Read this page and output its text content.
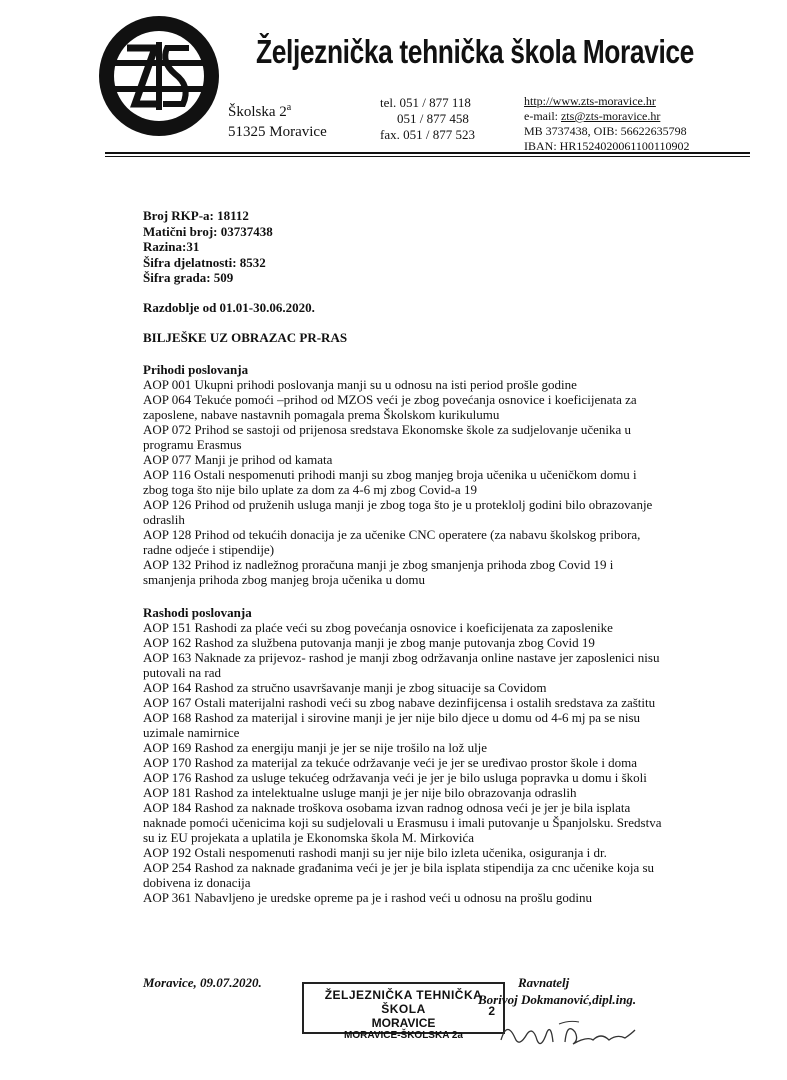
Željeznička tehnička škola Moravice
Školska 2$^a$
51325 Moravice
tel. 051 / 877 118
051 / 877 458
fax. 051 / 877 523
http://www.zts-moravice.hr
e-mail: zts@zts-moravice.hr
MB 3737438, OIB: 56622635798
IBAN: HR1524020061100110902
Broj RKP-a: 18112
Matični broj: 03737438
Razina:31
Šifra djelatnosti: 8532
Šifra grada: 509
Razdoblje od 01.01-30.06.2020.
BILJEŠKE UZ OBRAZAC PR-RAS
Prihodi poslovanja
AOP 001 Ukupni prihodi poslovanja manji su u odnosu na isti period prošle godine
AOP 064 Tekuće pomoći –prihod od MZOS veći je zbog povećanja osnovice i koeficijenata za zaposlene, nabave nastavnih pomagala prema Školskom kurikulumu
AOP 072 Prihod se sastoji od prijenosa sredstava Ekonomske škole za sudjelovanje učenika u programu Erasmus
AOP 077 Manji je prihod od kamata
AOP 116 Ostali nespomenuti prihodi manji su zbog manjeg broja učenika u učeničkom domu i zbog toga što nije bilo uplate za dom za 4-6 mj zbog Covid-a 19
AOP 126 Prihod od pruženih usluga manji je zbog toga što je u proteklolj godini bilo obrazovanje odraslih
AOP 128 Prihod od tekućih donacija je za učenike CNC operatere (za nabavu školskog pribora, radne odjeće i stipendije)
AOP 132 Prihod iz nadležnog proračuna manji je zbog smanjenja prihoda zbog Covid 19 i smanjenja prihoda zbog manjeg broja učenika u domu
Rashodi poslovanja
AOP 151 Rashodi za plaće veći su zbog povećanja osnovice i koeficijenata za zaposlenike
AOP 162 Rashod za službena putovanja manji je zbog manje putovanja zbog Covid 19
AOP 163 Naknade za prijevoz- rashod je manji zbog održavanja online nastave jer zaposlenici nisu putovali na rad
AOP 164 Rashod za stručno usavršavanje manji je zbog situacije sa Covidom
AOP 167 Ostali materijalni rashodi veći su zbog nabave dezinfijcensa i ostalih sredstava za zaštitu
AOP 168 Rashod za materijal i sirovine manji je jer nije bilo djece u domu od 4-6 mj pa se nisu uzimale namirnice
AOP 169 Rashod za energiju manji je jer se nije trošilo na lož ulje
AOP 170 Rashod za materijal za tekuće održavanje veći je jer se uređivao prostor škole i doma
AOP 176 Rashod za usluge tekućeg održavanja veći je jer je bilo usluga popravka u domu i školi
AOP 181 Rashod za intelektualne usluge manji je jer nije bilo obrazovanja odraslih
AOP 184 Rashod za naknade troškova osobama izvan radnog odnosa veći je jer je bila isplata naknade pomoći učenicima koji su sudjelovali u Erasmusu i imali putovanje u Španjolsku. Sredstva su iz EU projekata a uplatila je Ekonomska škola M. Mirkovića
AOP 192 Ostali nespomenuti rashodi manji su jer nije bilo izleta učenika, osiguranja i dr.
AOP 254 Rashod za naknade građanima veći je jer je bila isplata stipendija za cnc učenike koja su dobivena iz donacija
AOP 361 Nabavljeno je uredske opreme pa je i rashod veći u odnosu na prošlu godinu
Moravice, 09.07.2020.	Ravnatelj
ŽELJEZNIČKA TEHNIČKA ŠKOLA
MORAVICE
MORAVICE-ŠKOLSKA 2a
2
Borivoj Dokmanović,dipl.ing.
